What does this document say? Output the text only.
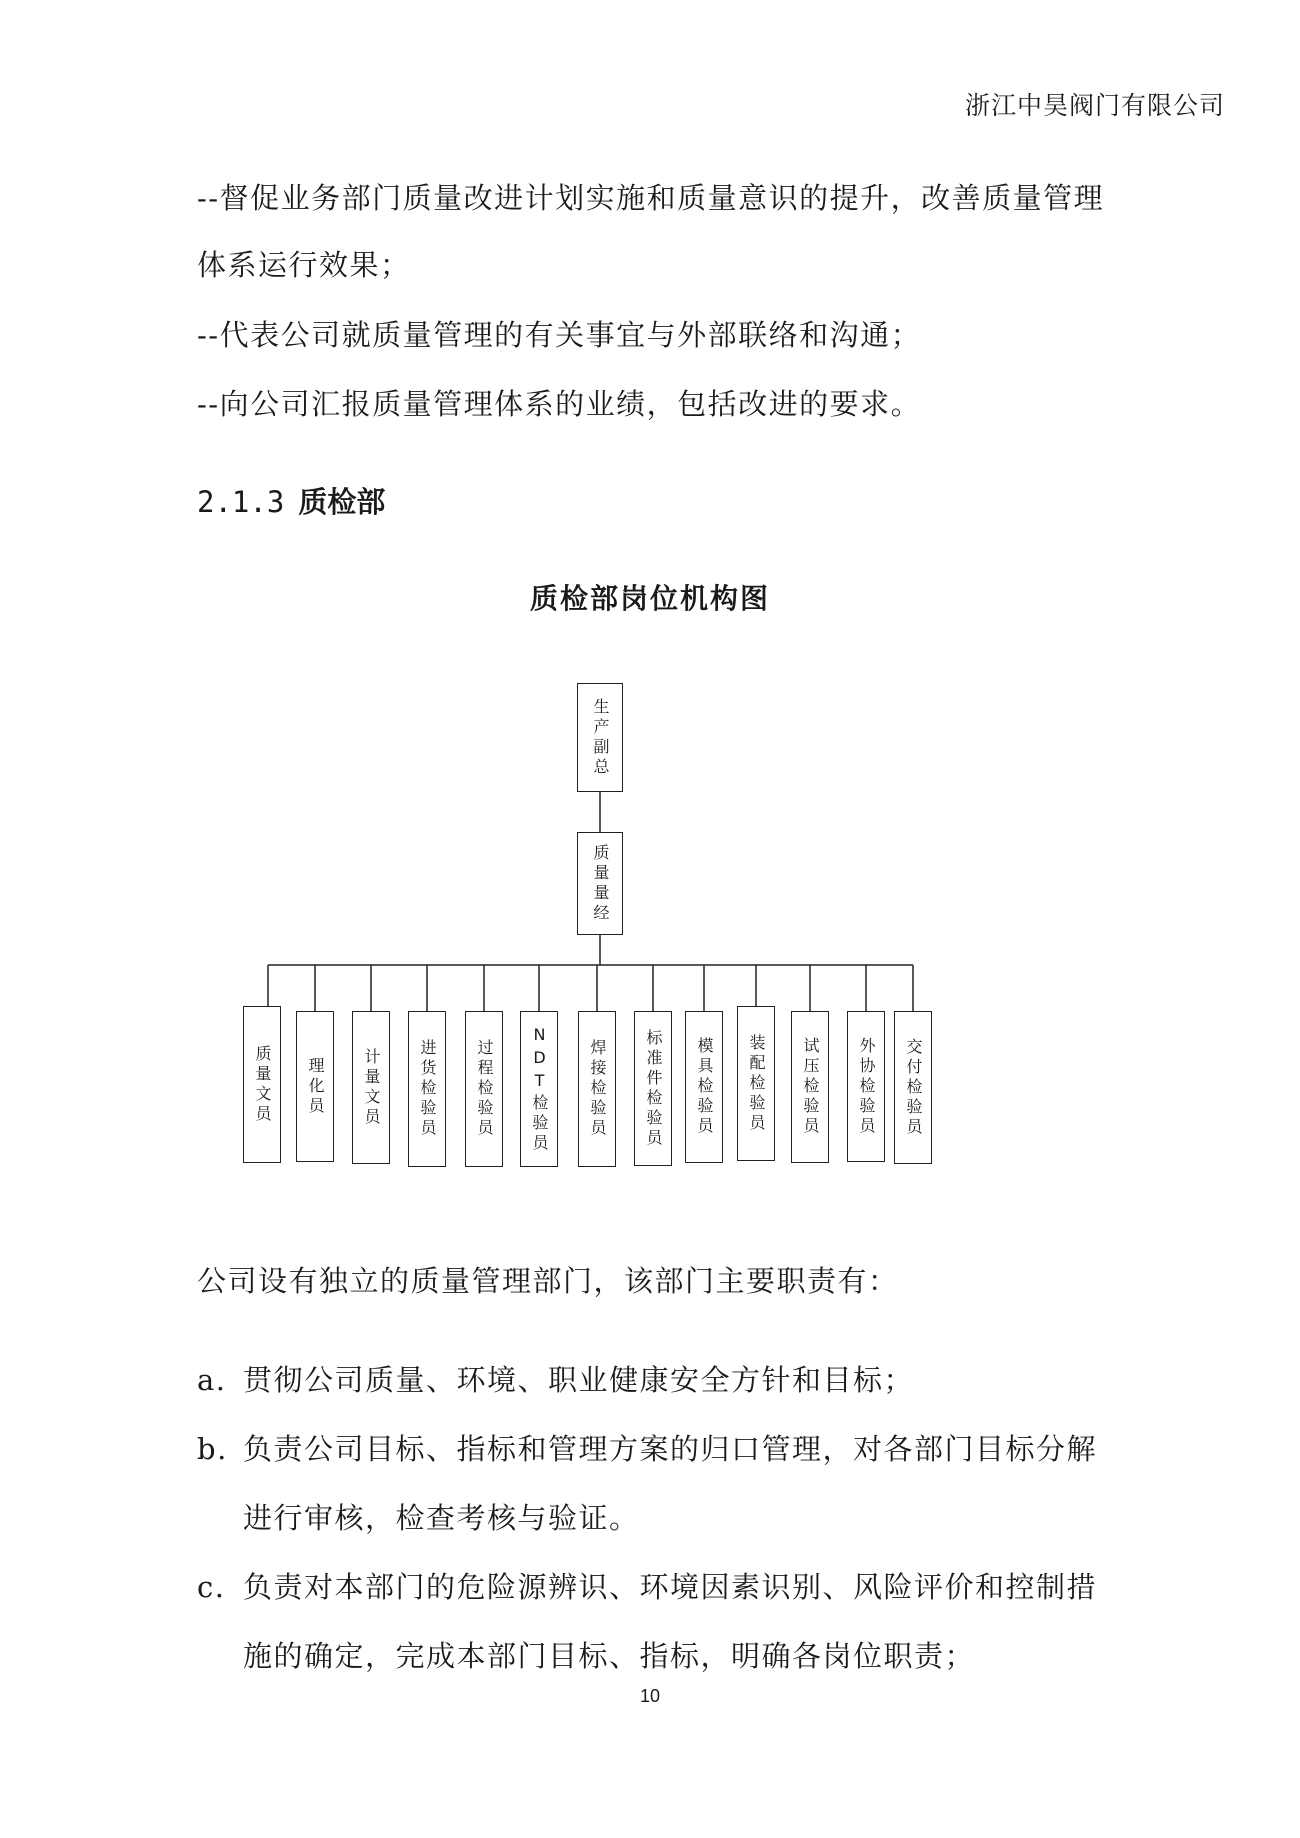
浙江中昊阀门有限公司
--督促业务部门质量改进计划实施和质量意识的提升，改善质量管理
体系运行效果；
--代表公司就质量管理的有关事宜与外部联络和沟通；
--向公司汇报质量管理体系的业绩，包括改进的要求。
2.1.3 质检部
质检部岗位机构图
生产副总
质量量经
质量文员 理化员 计量文员 进货检验员 过程检验员 NDT检验员 焊接检验员 标准件检验员 模具检验员 装配检验员 试压检验员 外协检验员 交付检验员
公司设有独立的质量管理部门，该部门主要职责有：
a. 贯彻公司质量、环境、职业健康安全方针和目标；
b. 负责公司目标、指标和管理方案的归口管理，对各部门目标分解
进行审核，检查考核与验证。
c. 负责对本部门的危险源辨识、环境因素识别、风险评价和控制措
施的确定，完成本部门目标、指标，明确各岗位职责；
10
